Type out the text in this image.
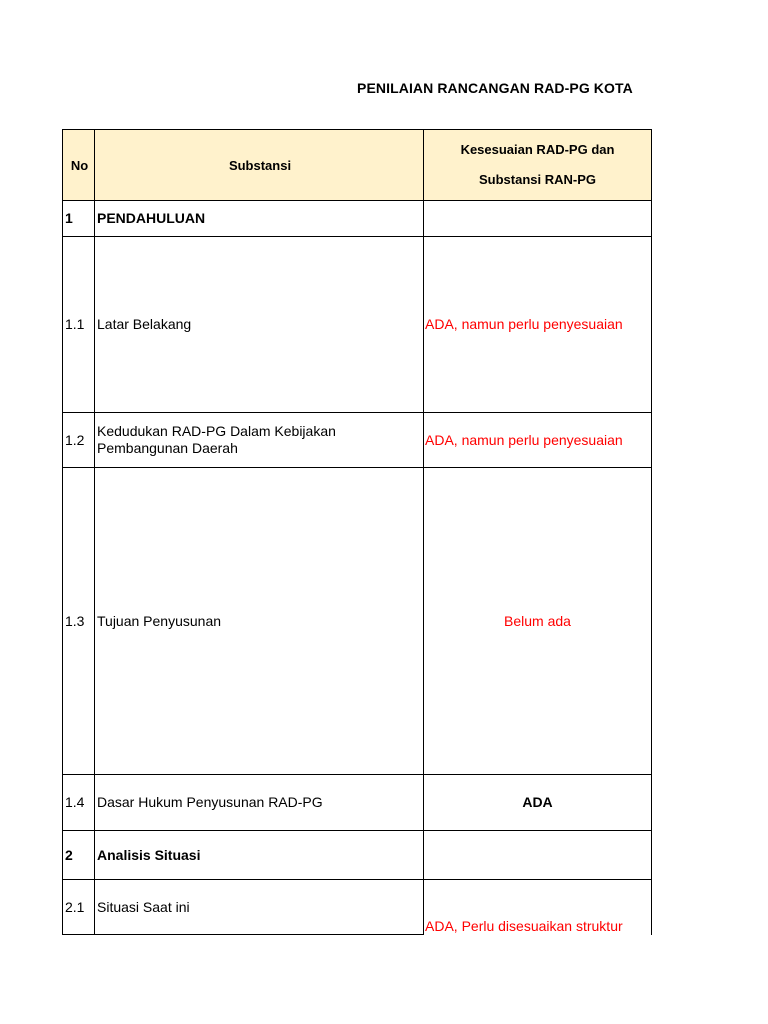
PENILAIAN RANCANGAN RAD-PG KOTA
No	Substansi	Kesesuaian RAD-PG dan
Substansi RAN-PG

1	PENDAHULUAN	
1.1	Latar Belakang	ADA, namun perlu penyesuaian
1.2	Kedudukan RAD-PG Dalam Kebijakan
Pembangunan Daerah	ADA, namun perlu penyesuaian
1.3	Tujuan Penyusunan	Belum ada
1.4	Dasar Hukum Penyusunan RAD-PG	ADA
2	Analisis Situasi	
2.1	Situasi Saat ini	ADA, Perlu disesuaikan struktur
